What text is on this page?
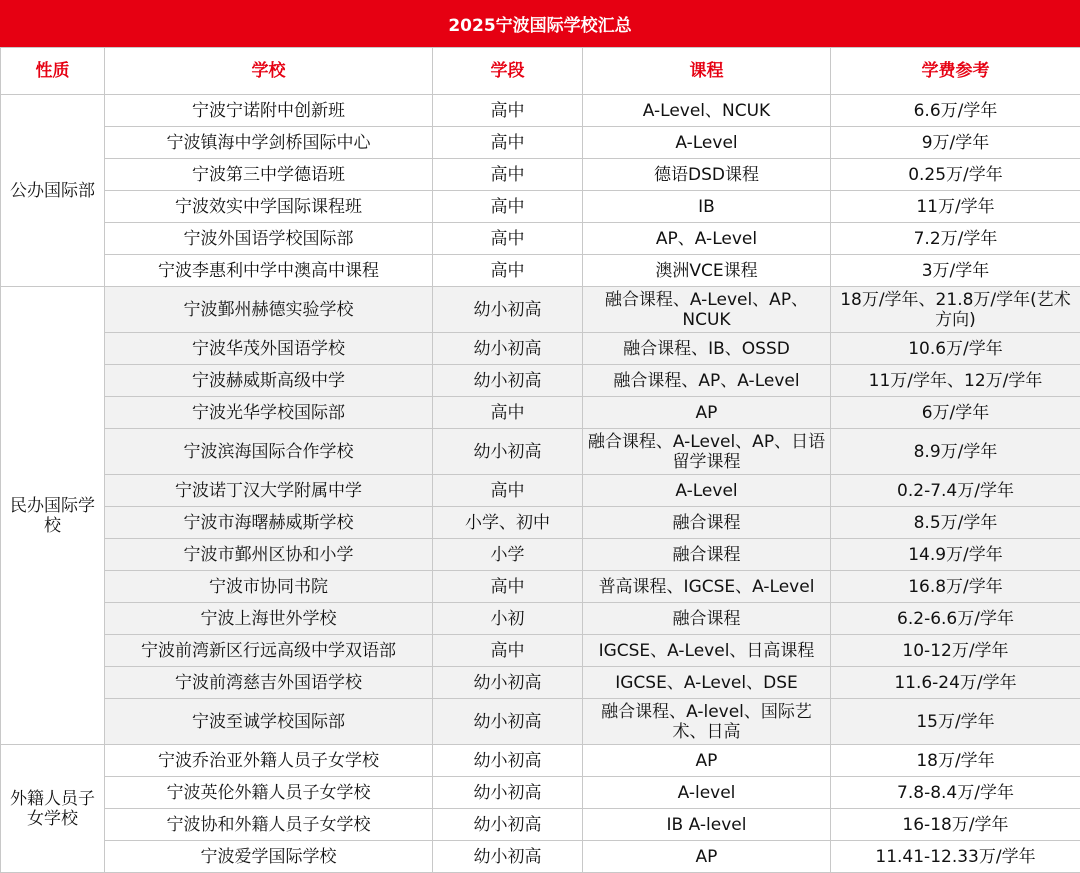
2025宁波国际学校汇总
性质	学校	学段	课程	学费参考
公办国际部	宁波宁诺附中创新班	高中	A-Level、NCUK	6.6万/学年
	宁波镇海中学剑桥国际中心	高中	A-Level	9万/学年
	宁波第三中学德语班	高中	德语DSD课程	0.25万/学年
	宁波效实中学国际课程班	高中	IB	11万/学年
	宁波外国语学校国际部	高中	AP、A-Level	7.2万/学年
	宁波李惠利中学中澳高中课程	高中	澳洲VCE课程	3万/学年
民办国际学校	宁波鄞州赫德实验学校	幼小初高	融合课程、A-Level、AP、NCUK	18万/学年、21.8万/学年(艺术方向)
	宁波华茂外国语学校	幼小初高	融合课程、IB、OSSD	10.6万/学年
	宁波赫威斯高级中学	幼小初高	融合课程、AP、A-Level	11万/学年、12万/学年
	宁波光华学校国际部	高中	AP	6万/学年
	宁波滨海国际合作学校	幼小初高	融合课程、A-Level、AP、日语留学课程	8.9万/学年
	宁波诺丁汉大学附属中学	高中	A-Level	0.2-7.4万/学年
	宁波市海曙赫威斯学校	小学、初中	融合课程	8.5万/学年
	宁波市鄞州区协和小学	小学	融合课程	14.9万/学年
	宁波市协同书院	高中	普高课程、IGCSE、A-Level	16.8万/学年
	宁波上海世外学校	小初	融合课程	6.2-6.6万/学年
	宁波前湾新区行远高级中学双语部	高中	IGCSE、A-Level、日高课程	10-12万/学年
	宁波前湾慈吉外国语学校	幼小初高	IGCSE、A-Level、DSE	11.6-24万/学年
	宁波至诚学校国际部	幼小初高	融合课程、A-level、国际艺术、日高	15万/学年
外籍人员子女学校	宁波乔治亚外籍人员子女学校	幼小初高	AP	18万/学年
	宁波英伦外籍人员子女学校	幼小初高	A-level	7.8-8.4万/学年
	宁波协和外籍人员子女学校	幼小初高	IB A-level	16-18万/学年
	宁波爱学国际学校	幼小初高	AP	11.41-12.33万/学年
